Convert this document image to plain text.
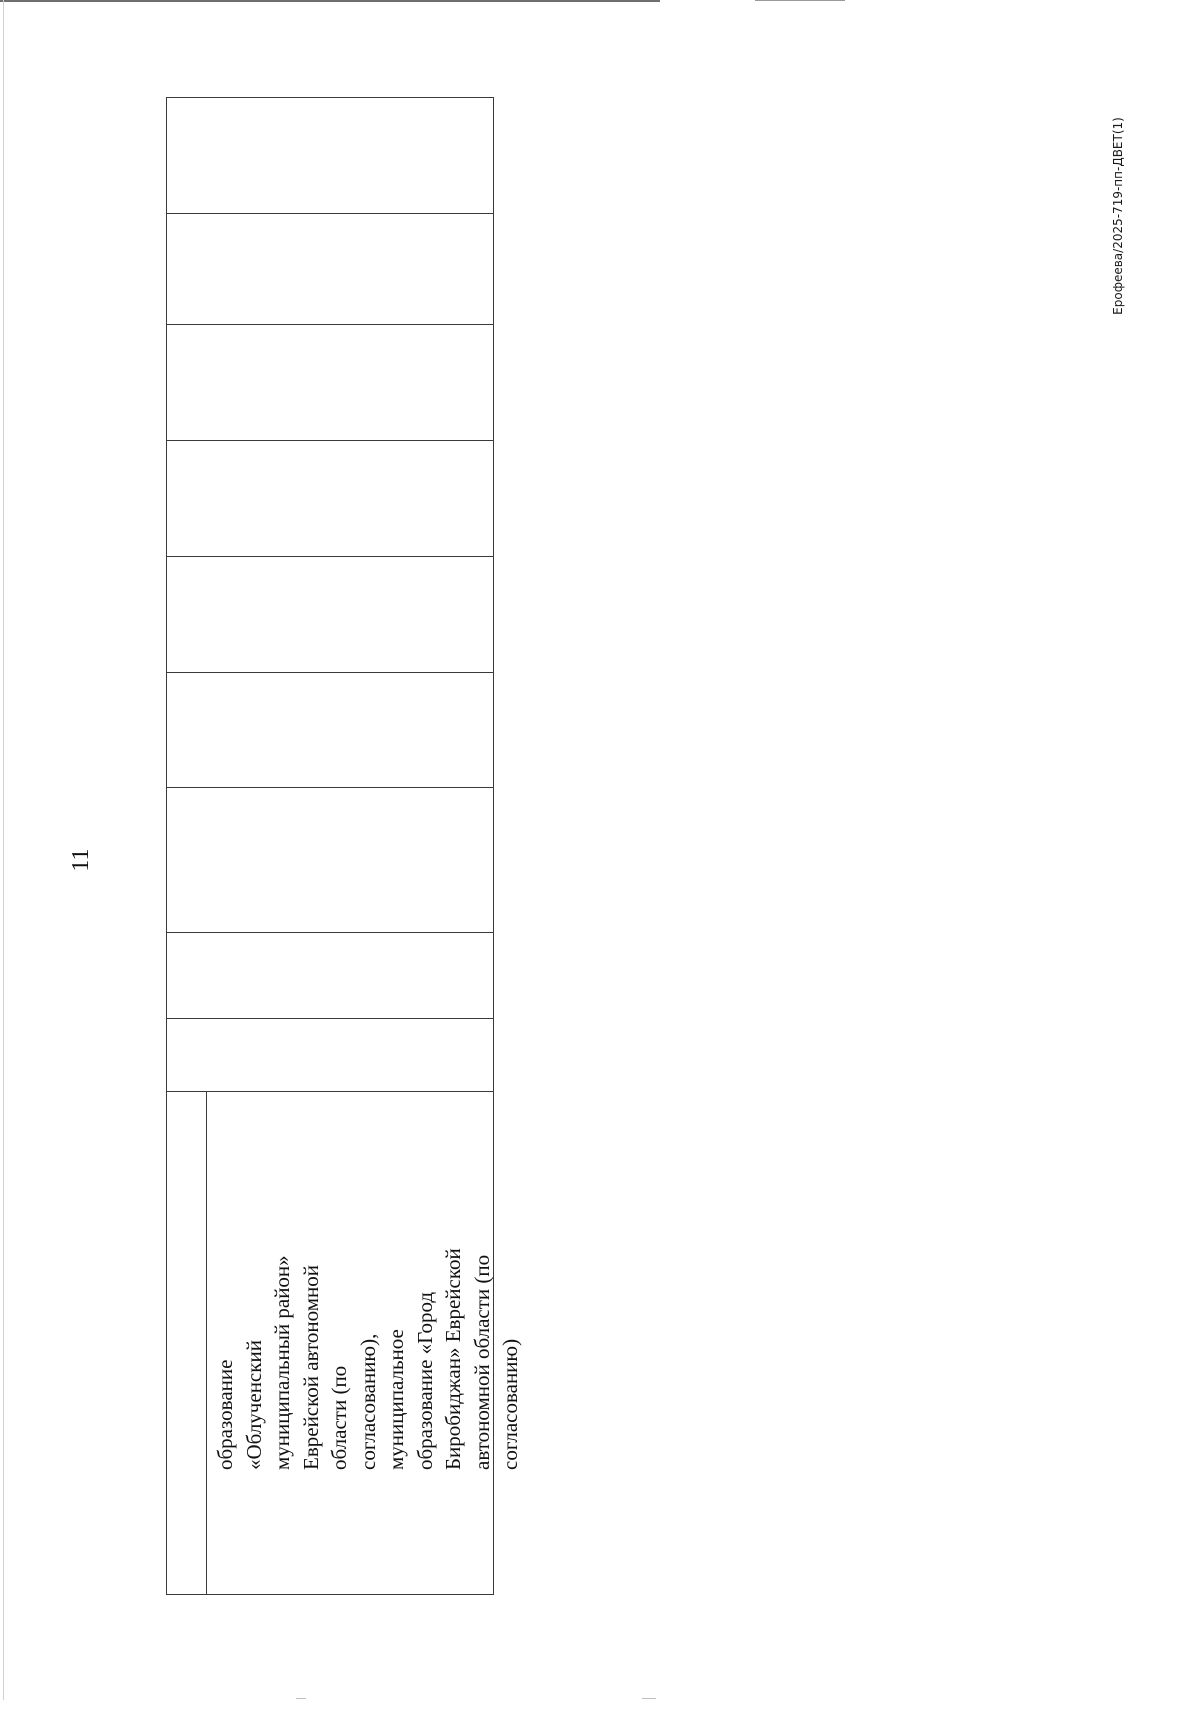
11
Ерофеева/2025-719-пп-ДВЕТ(1)
образование «Облученский муниципальный район» Еврейской автономной области (по согласованию), муниципальное образование «Город Биробиджан» Еврейской автономной области (по согласованию)
